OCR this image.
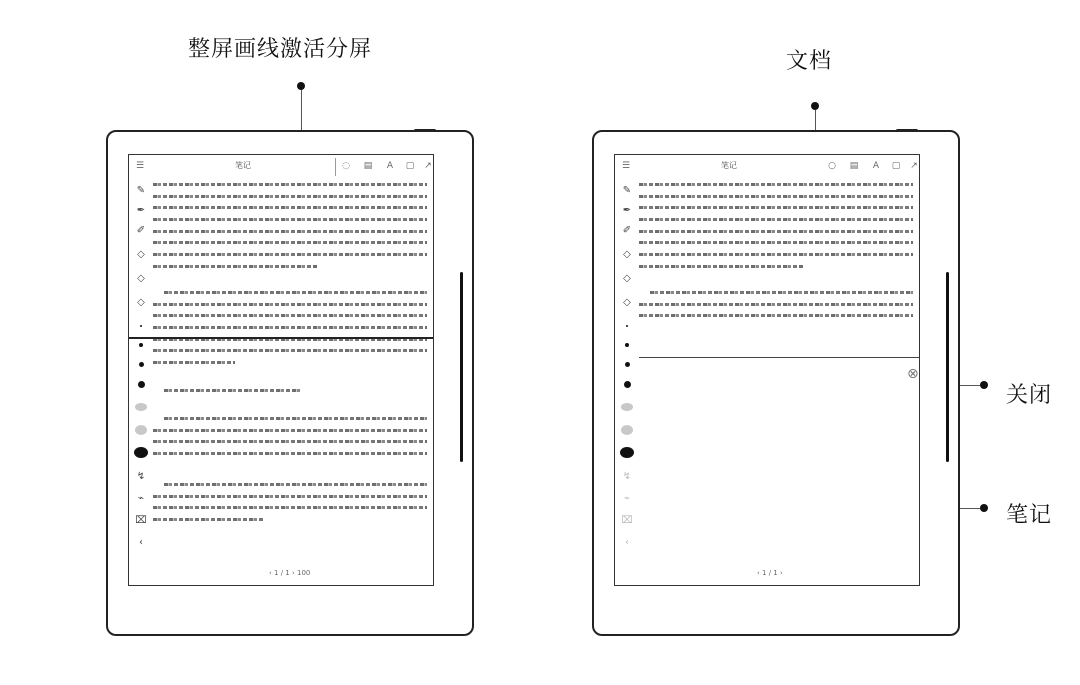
整屏画线激活分屏	文档
关闭
笔记
☰	笔记	◌ ▤ A ▢ ↗
✎
✒
✐
◇
◇
◇
↯
⌁
⌧
‹
‹ 1 / 1 › 100
☰	笔记	○ ▤ A ▢ ↗
✎
✒
✐
◇
◇
◇
↯
⌁
⌧
‹
⊗
‹ 1 / 1 ›
